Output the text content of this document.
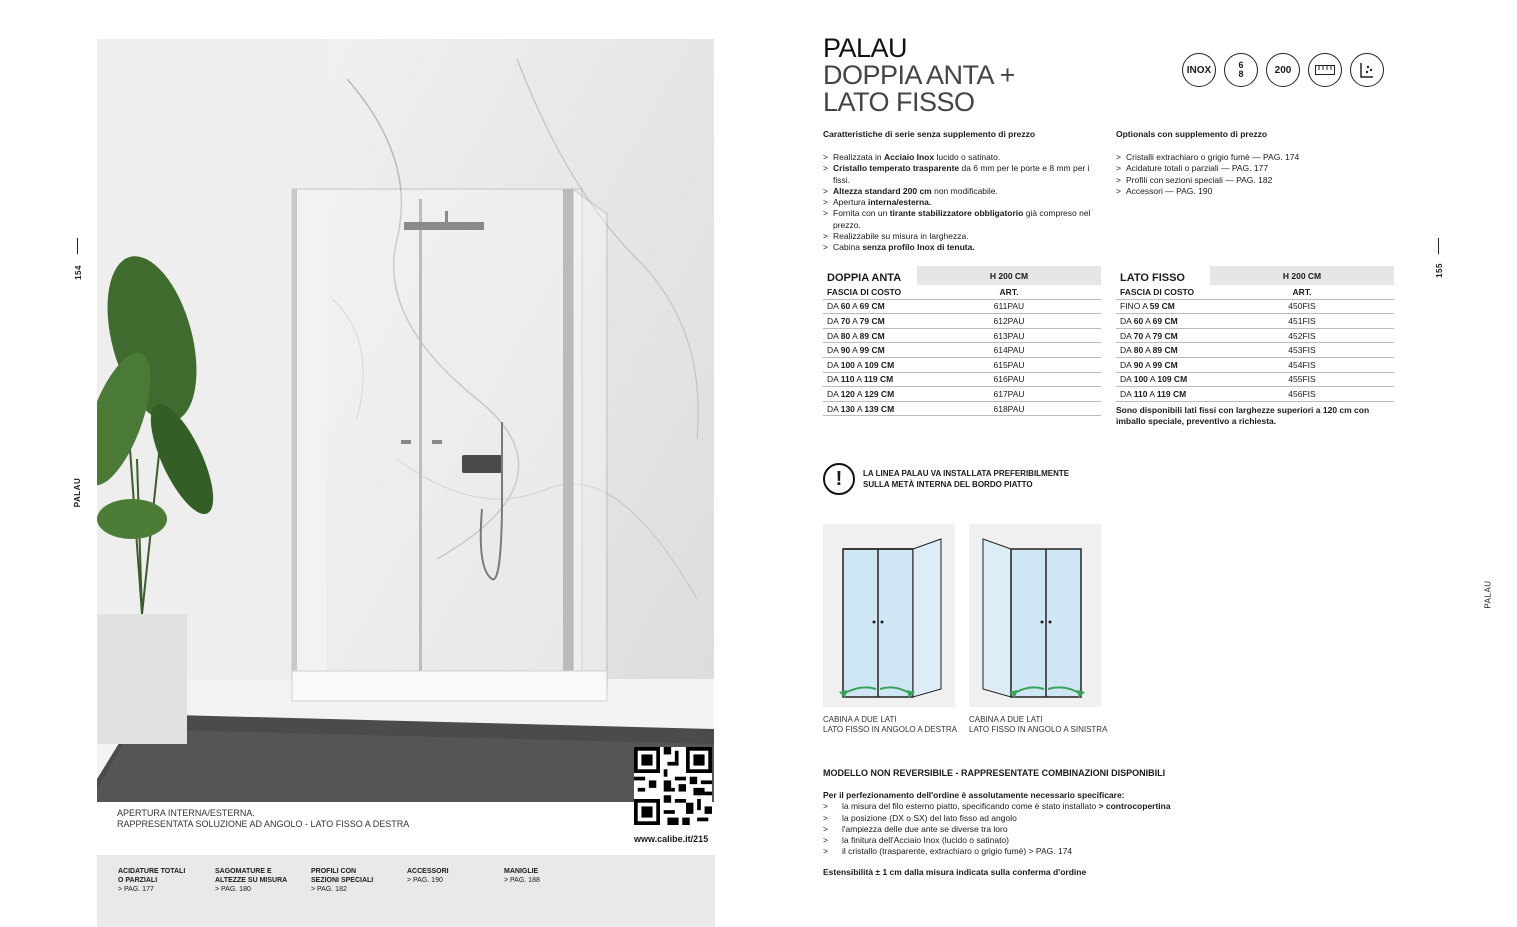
154
PALAU
APERTURA INTERNA/ESTERNA.
RAPPRESENTATA SOLUZIONE AD ANGOLO - LATO FISSO A DESTRA
www.calibe.it/215
ACIDATURE TOTALI
O PARZIALI
> PAG. 177
SAGOMATURE E
ALTEZZE SU MISURA
> PAG. 180
PROFILI CON
SEZIONI SPECIALI
> PAG. 182
ACCESSORI
> PAG. 190
MANIGLIE
> PAG. 188
PALAU
DOPPIA ANTA +
LATO FISSO
INOX	6
8	200
Caratteristiche di serie senza supplemento di prezzo
> Realizzata in Acciaio Inox lucido o satinato.
> Cristallo temperato trasparente da 6 mm per le porte e 8 mm per i fissi.
> Altezza standard 200 cm non modificabile.
> Apertura interna/esterna.
> Fornita con un tirante stabilizzatore obbligatorio già compreso nel prezzo.
> Realizzabile su misura in larghezza.
> Cabina senza profilo Inox di tenuta.
Optionals con supplemento di prezzo
> Cristalli extrachiaro o grigio fumè — PAG. 174
> Acidature totali o parziali — PAG. 177
> Profili con sezioni speciali — PAG. 182
> Accessori — PAG. 190
DOPPIA ANTA	H 200 CM
FASCIA DI COSTO	ART.
DA 60 A 69 CM	611PAU
DA 70 A 79 CM	612PAU
DA 80 A 89 CM	613PAU
DA 90 A 99 CM	614PAU
DA 100 A 109 CM	615PAU
DA 110 A 119 CM	616PAU
DA 120 A 129 CM	617PAU
DA 130 A 139 CM	618PAU
LATO FISSO	H 200 CM
FASCIA DI COSTO	ART.
FINO A 59 CM	450FIS
DA 60 A 69 CM	451FIS
DA 70 A 79 CM	452FIS
DA 80 A 89 CM	453FIS
DA 90 A 99 CM	454FIS
DA 100 A 109 CM	455FIS
DA 110 A 119 CM	456FIS
Sono disponibili lati fissi con larghezze superiori a 120 cm con imballo speciale, preventivo a richiesta.
!	LA LINEA PALAU VA INSTALLATA PREFERIBILMENTE
SULLA METÀ INTERNA DEL BORDO PIATTO
CABINA A DUE LATI
LATO FISSO IN ANGOLO A DESTRA
CABINA A DUE LATI
LATO FISSO IN ANGOLO A SINISTRA
MODELLO NON REVERSIBILE - RAPPRESENTATE COMBINAZIONI DISPONIBILI
Per il perfezionamento dell'ordine è assolutamente necessario specificare:
> la misura del filo esterno piatto, specificando come è stato installato > controcopertina
> la posizione (DX o SX) del lato fisso ad angolo
> l'ampiezza delle due ante se diverse tra loro
> la finitura dell'Acciaio Inox (lucido o satinato)
> il cristallo (trasparente, extrachiaro o grigio fumè) > PAG. 174
Estensibilità ± 1 cm dalla misura indicata sulla conferma d'ordine
155
PALAU
